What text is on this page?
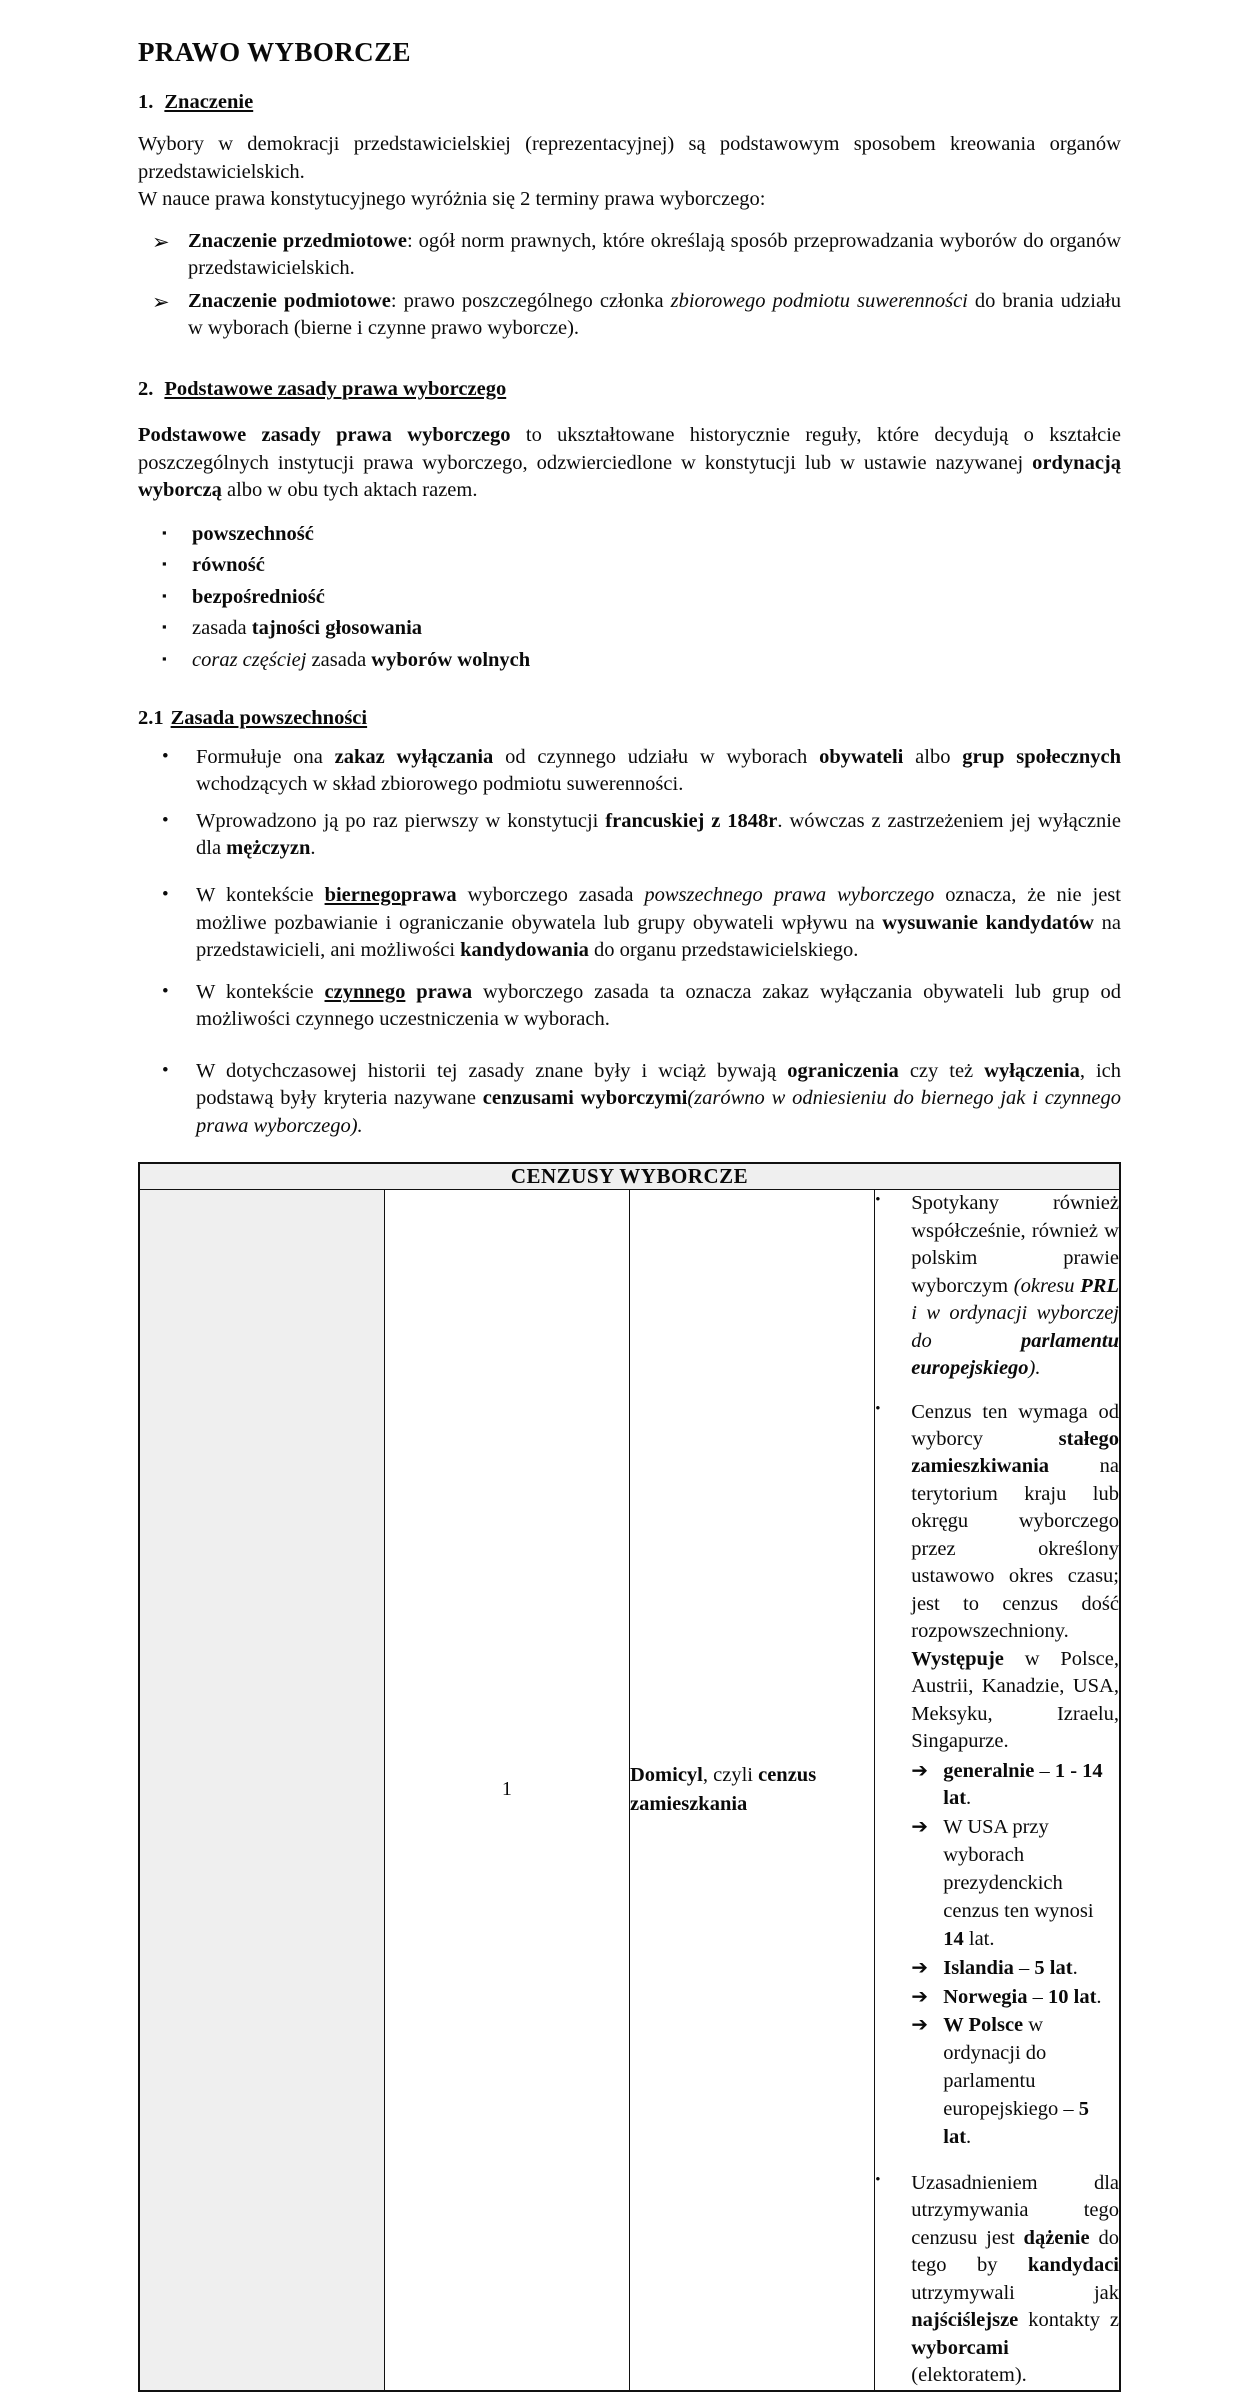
PRAWO WYBORCZE
1. Znaczenie

Wybory w demokracji przedstawicielskiej (reprezentacyjnej) są podstawowym sposobem kreowania organów przedstawicielskich.

W nauce prawa konstytucyjnego wyróżnia się 2 terminy prawa wyborczego:

➢ Znaczenie przedmiotowe: ogół norm prawnych, które określają sposób przeprowadzania wyborów do organów przedstawicielskich.
➢ Znaczenie podmiotowe: prawo poszczególnego członka zbiorowego podmiotu suwerenności do brania udziału w wyborach (bierne i czynne prawo wyborcze).
2. Podstawowe zasady prawa wyborczego

Podstawowe zasady prawa wyborczego to ukształtowane historycznie reguły, które decydują o kształcie poszczególnych instytucji prawa wyborczego, odzwierciedlone w konstytucji lub w ustawie nazywanej ordynacją wyborczą albo w obu tych aktach razem.

▪	powszechność
▪	równość
▪	bezpośredniość
▪	zasada tajności głosowania
▪	coraz częściej zasada wyborów wolnych
2.1 Zasada powszechności
•	Formułuje ona zakaz wyłączania od czynnego udziału w wyborach obywateli albo grup społecznych wchodzących w skład zbiorowego podmiotu suwerenności.
•	Wprowadzono ją po raz pierwszy w konstytucji francuskiej z 1848r. wówczas z zastrzeżeniem jej wyłącznie dla mężczyzn.
•	W kontekście biernegoprawa wyborczego zasada powszechnego prawa wyborczego oznacza, że nie jest możliwe pozbawianie i ograniczanie obywatela lub grupy obywateli wpływu na wysuwanie kandydatów na przedstawicieli, ani możliwości kandydowania do organu przedstawicielskiego.
•	W kontekście czynnego prawa wyborczego zasada ta oznacza zakaz wyłączania obywateli lub grup od możliwości czynnego uczestniczenia w wyborach.
•	W dotychczasowej historii tej zasady znane były i wciąż bywają ograniczenia czy też wyłączenia, ich podstawą były kryteria nazywane cenzusami wyborczymi(zarówno w odniesieniu do biernego jak i czynnego prawa wyborczego).
CENZUSY WYBORCZE
	1	Domicyl, czyli cenzus zamieszkania	
•	Spotykany również współcześnie, również w polskim prawie wyborczym (okresu PRL i w ordynacji wyborczej do parlamentu europejskiego).
•	Cenzus ten wymaga od wyborcy stałego zamieszkiwania na terytorium kraju lub okręgu wyborczego przez określony ustawowo okres czasu; jest to cenzus dość rozpowszechniony. Występuje w Polsce, Austrii, Kanadzie, USA, Meksyku, Izraelu, Singapurze.
➔ generalnie – 1 - 14 lat.
➔ W USA przy wyborach prezydenckich cenzus ten wynosi 14 lat.
➔ Islandia – 5 lat.
➔ Norwegia – 10 lat.
➔ W Polsce w ordynacji do parlamentu europejskiego – 5 lat.
•	Uzasadnieniem dla utrzymywania tego cenzusu jest dążenie do tego by kandydaci utrzymywali jak najściślejsze kontakty z wyborcami (elektoratem).
